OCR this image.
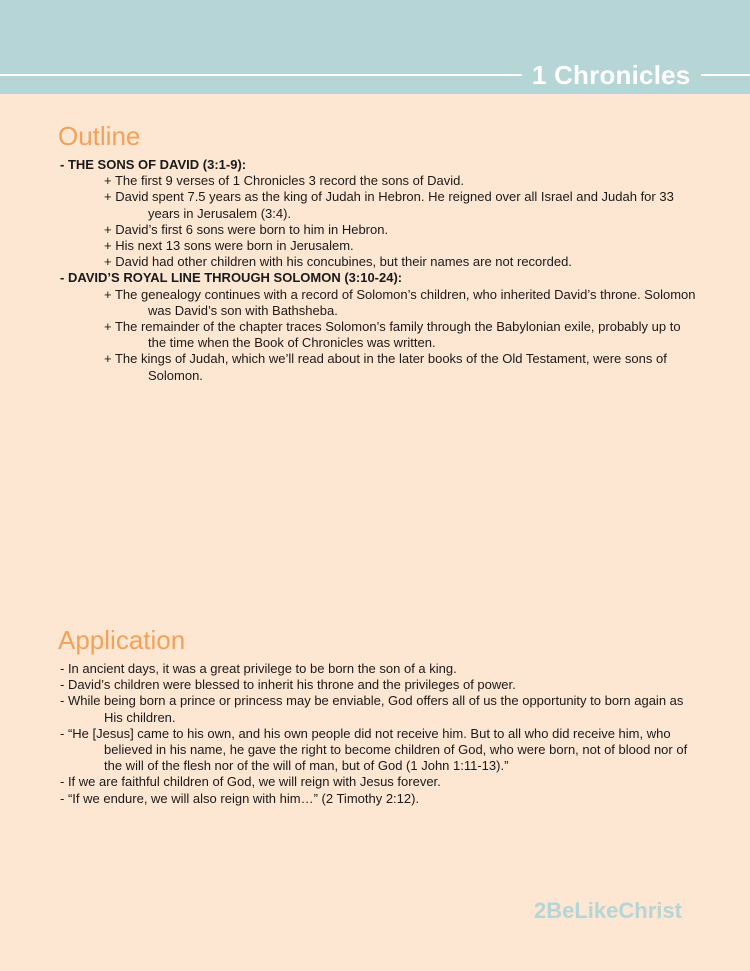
1 Chronicles
Outline
- THE SONS OF DAVID (3:1-9):
+ The first 9 verses of 1 Chronicles 3 record the sons of David.
+ David spent 7.5 years as the king of Judah in Hebron. He reigned over all Israel and Judah for 33 years in Jerusalem (3:4).
+ David’s first 6 sons were born to him in Hebron.
+ His next 13 sons were born in Jerusalem.
+ David had other children with his concubines, but their names are not recorded.
- DAVID’S ROYAL LINE THROUGH SOLOMON (3:10-24):
+ The genealogy continues with a record of Solomon’s children, who inherited David’s throne. Solomon was David’s son with Bathsheba.
+ The remainder of the chapter traces Solomon’s family through the Babylonian exile, probably up to the time when the Book of Chronicles was written.
+ The kings of Judah, which we’ll read about in the later books of the Old Testament, were sons of Solomon.
Application
- In ancient days, it was a great privilege to be born the son of a king.
- David’s children were blessed to inherit his throne and the privileges of power.
- While being born a prince or princess may be enviable, God offers all of us the opportunity to born again as His children.
- “He [Jesus] came to his own, and his own people did not receive him. But to all who did receive him, who believed in his name, he gave the right to become children of God, who were born, not of blood nor of the will of the flesh nor of the will of man, but of God (1 John 1:11-13).”
- If we are faithful children of God, we will reign with Jesus forever.
- “If we endure, we will also reign with him…” (2 Timothy 2:12).
2BeLikeChrist
